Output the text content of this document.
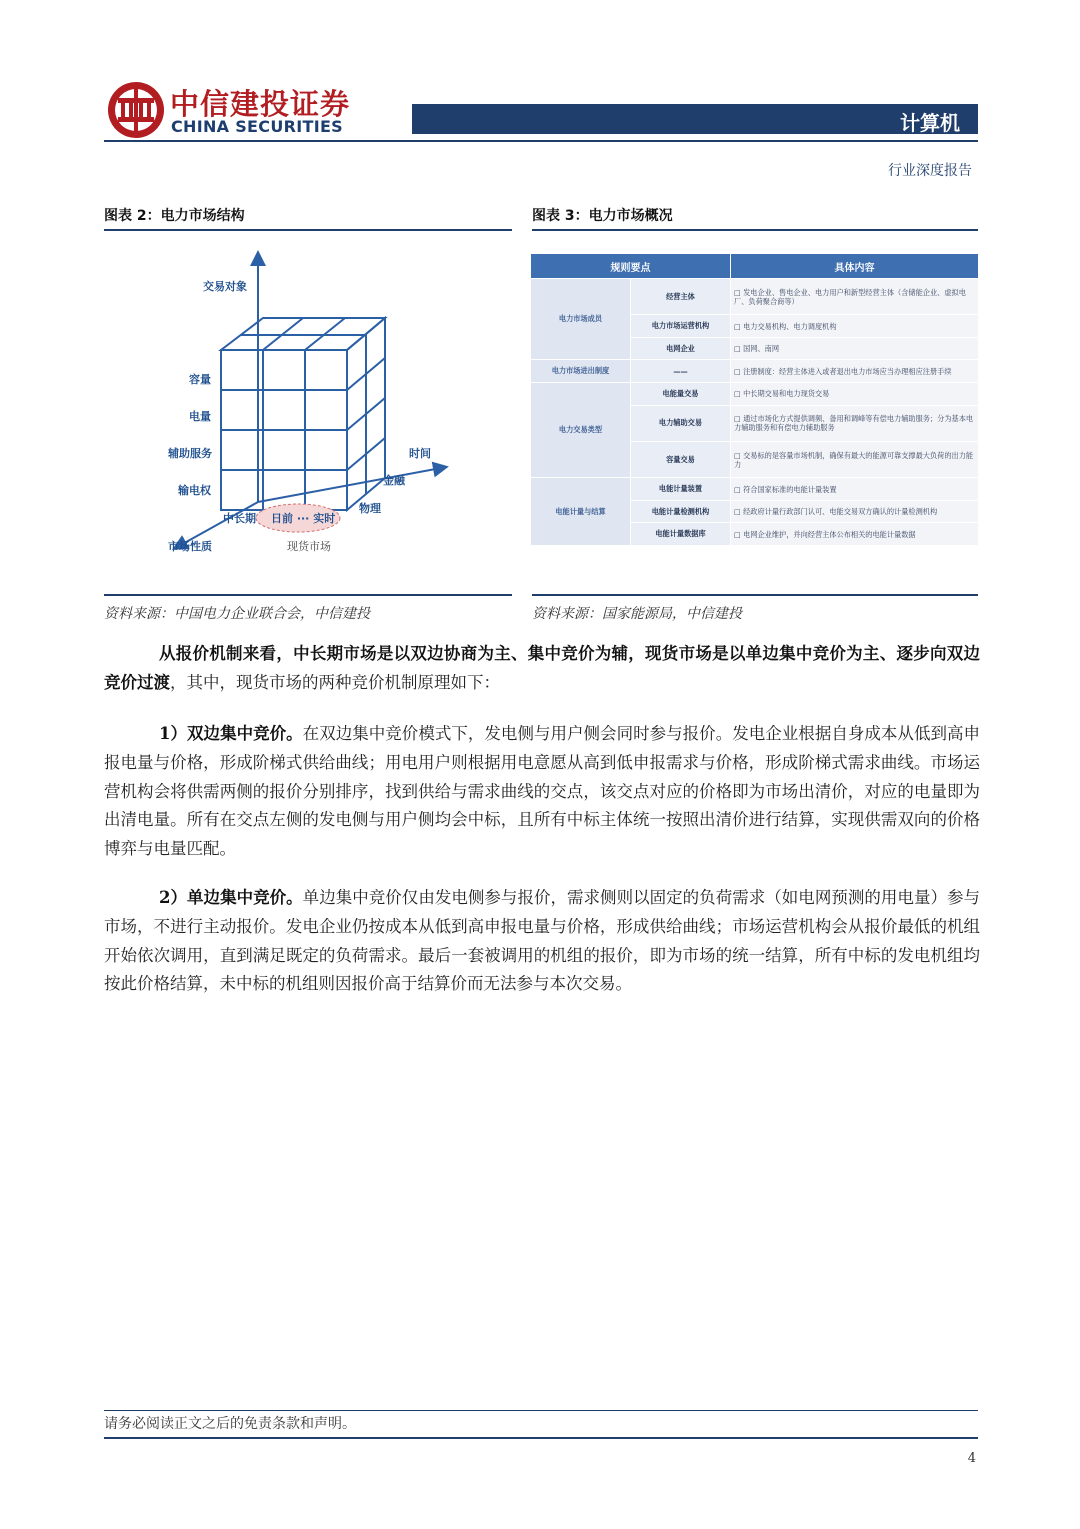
中信建投证券
CHINA SECURITIES	计算机
行业深度报告
图表 2：电力市场结构	图表 3：电力市场概况
交易对象
容量
电量
辅助服务
输电权
时间
金融
物理
中长期 日前 ··· 实时
市场性质	现货市场
规则要点		具体内容
电力市场成员	经营主体	□ 发电企业、售电企业、电力用户和新型经营主体（含储能企业、虚拟电厂、负荷聚合商等）
	电力市场运营机构	□ 电力交易机构、电力调度机构
	电网企业	□ 国网、南网
电力市场进出制度	——	□ 注册制度：经营主体进入或者退出电力市场应当办理相应注册手续
电力交易类型	电能量交易	□ 中长期交易和电力现货交易
	电力辅助交易	□ 通过市场化方式提供调频、备用和调峰等有偿电力辅助服务；分为基本电力辅助服务和有偿电力辅助服务
	容量交易	□ 交易标的是容量市场机制，确保有最大的能源可靠支撑最大负荷的出力能力
电能计量与结算	电能计量装置	□ 符合国家标准的电能计量装置
	电能计量检测机构	□ 经政府计量行政部门认可、电能交易双方确认的计量检测机构
	电能计量数据库	□ 电网企业维护，并向经营主体公布相关的电能计量数据
资料来源：中国电力企业联合会，中信建投	资料来源：国家能源局，中信建投

从报价机制来看，中长期市场是以双边协商为主、集中竞价为辅，现货市场是以单边集中竞价为主、逐步向双边竞价过渡，其中，现货市场的两种竞价机制原理如下：

1）双边集中竞价。在双边集中竞价模式下，发电侧与用户侧会同时参与报价。发电企业根据自身成本从低到高申报电量与价格，形成阶梯式供给曲线；用电用户则根据用电意愿从高到低申报需求与价格，形成阶梯式需求曲线。市场运营机构会将供需两侧的报价分别排序，找到供给与需求曲线的交点，该交点对应的价格即为市场出清价，对应的电量即为出清电量。所有在交点左侧的发电侧与用户侧均会中标，且所有中标主体统一按照出清价进行结算，实现供需双向的价格博弈与电量匹配。

2）单边集中竞价。单边集中竞价仅由发电侧参与报价，需求侧则以固定的负荷需求（如电网预测的用电量）参与市场，不进行主动报价。发电企业仍按成本从低到高申报电量与价格，形成供给曲线；市场运营机构会从报价最低的机组开始依次调用，直到满足既定的负荷需求。最后一套被调用的机组的报价，即为市场的统一结算，所有中标的发电机组均按此价格结算，未中标的机组则因报价高于结算价而无法参与本次交易。

请务必阅读正文之后的免责条款和声明。
4
